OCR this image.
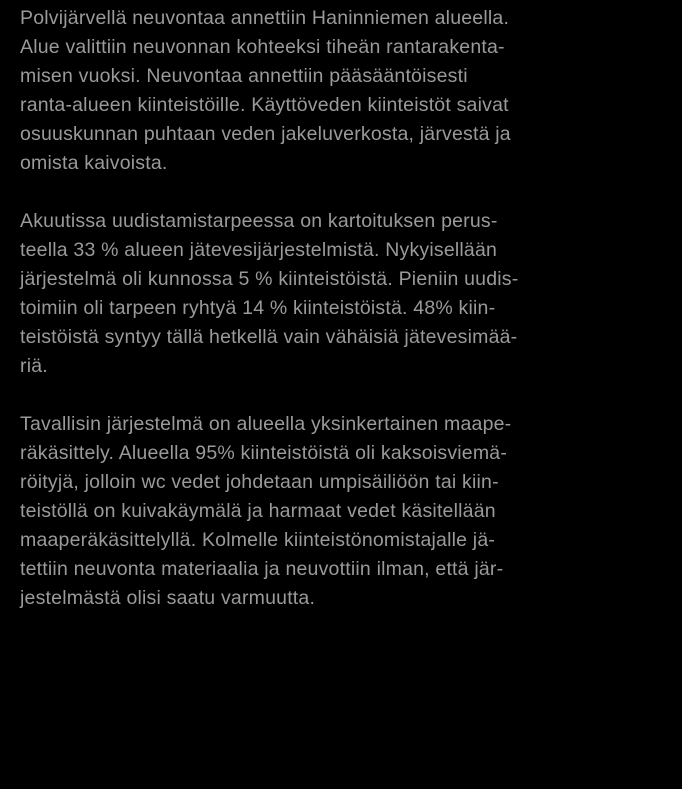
Polvijärvellä neuvontaa annettiin Haninniemen alueella.
Alue valittiin neuvonnan kohteeksi tiheän rantarakenta-
misen vuoksi. Neuvontaa annettiin pääsääntöisesti
ranta-alueen kiinteistöille. Käyttöveden kiinteistöt saivat
osuuskunnan puhtaan veden jakeluverkosta, järvestä ja
omista kaivoista.

Akuutissa uudistamistarpeessa on kartoituksen perus-
teella 33 % alueen jätevesijärjestelmistä. Nykyisellään
järjestelmä oli kunnossa 5 % kiinteistöistä. Pieniin uudis-
toimiin oli tarpeen ryhtyä 14 % kiinteistöistä. 48% kiin-
teistöistä syntyy tällä hetkellä vain vähäisiä jätevesimää-
riä.

Tavallisin järjestelmä on alueella yksinkertainen maape-
räkäsittely. Alueella 95% kiinteistöistä oli kaksoisviemä-
röityjä, jolloin wc vedet johdetaan umpisäiliöön tai kiin-
teistöllä on kuivakäymälä ja harmaat vedet käsitellään
maaperäkäsittelyllä. Kolmelle kiinteistönomistajalle jä-
tettiin neuvonta materiaalia ja neuvottiin ilman, että jär-
jestelmästä olisi saatu varmuutta.
